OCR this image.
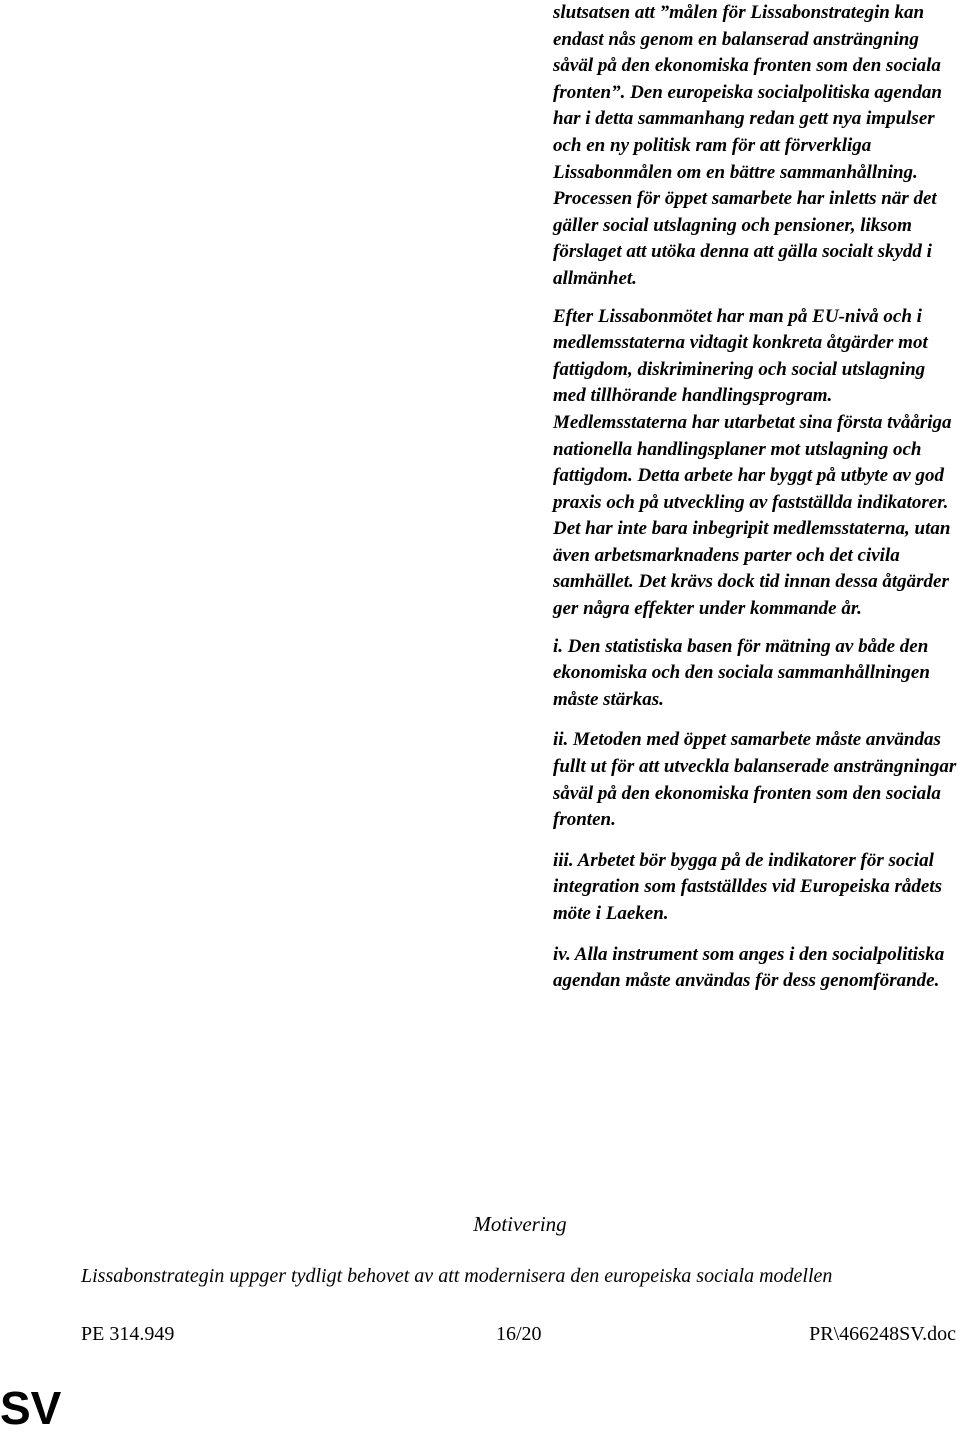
slutsatsen att ”målen för Lissabonstrategin kan endast nås genom en balanserad ansträngning såväl på den ekonomiska fronten som den sociala fronten”. Den europeiska socialpolitiska agendan har i detta sammanhang redan gett nya impulser och en ny politisk ram för att förverkliga Lissabonmålen om en bättre sammanhållning. Processen för öppet samarbete har inletts när det gäller social utslagning och pensioner, liksom förslaget att utöka denna att gälla socialt skydd i allmänhet.

Efter Lissabonmötet har man på EU-nivå och i medlemsstaterna vidtagit konkreta åtgärder mot fattigdom, diskriminering och social utslagning med tillhörande handlingsprogram. Medlemsstaterna har utarbetat sina första tvååriga nationella handlingsplaner mot utslagning och fattigdom. Detta arbete har byggt på utbyte av god praxis och på utveckling av fastställda indikatorer. Det har inte bara inbegripit medlemsstaterna, utan även arbetsmarknadens parter och det civila samhället. Det krävs dock tid innan dessa åtgärder ger några effekter under kommande år.

i. Den statistiska basen för mätning av både den ekonomiska och den sociala sammanhållningen måste stärkas.

ii. Metoden med öppet samarbete måste användas fullt ut för att utveckla balanserade ansträngningar såväl på den ekonomiska fronten som den sociala fronten.

iii. Arbetet bör bygga på de indikatorer för social integration som fastställdes vid Europeiska rådets möte i Laeken.

iv. Alla instrument som anges i den socialpolitiska agendan måste användas för dess genomförande.

Motivering
Lissabonstrategin uppger tydligt behovet av att modernisera den europeiska sociala modellen
PE 314.949	16/20	PR\466248SV.doc
SV
